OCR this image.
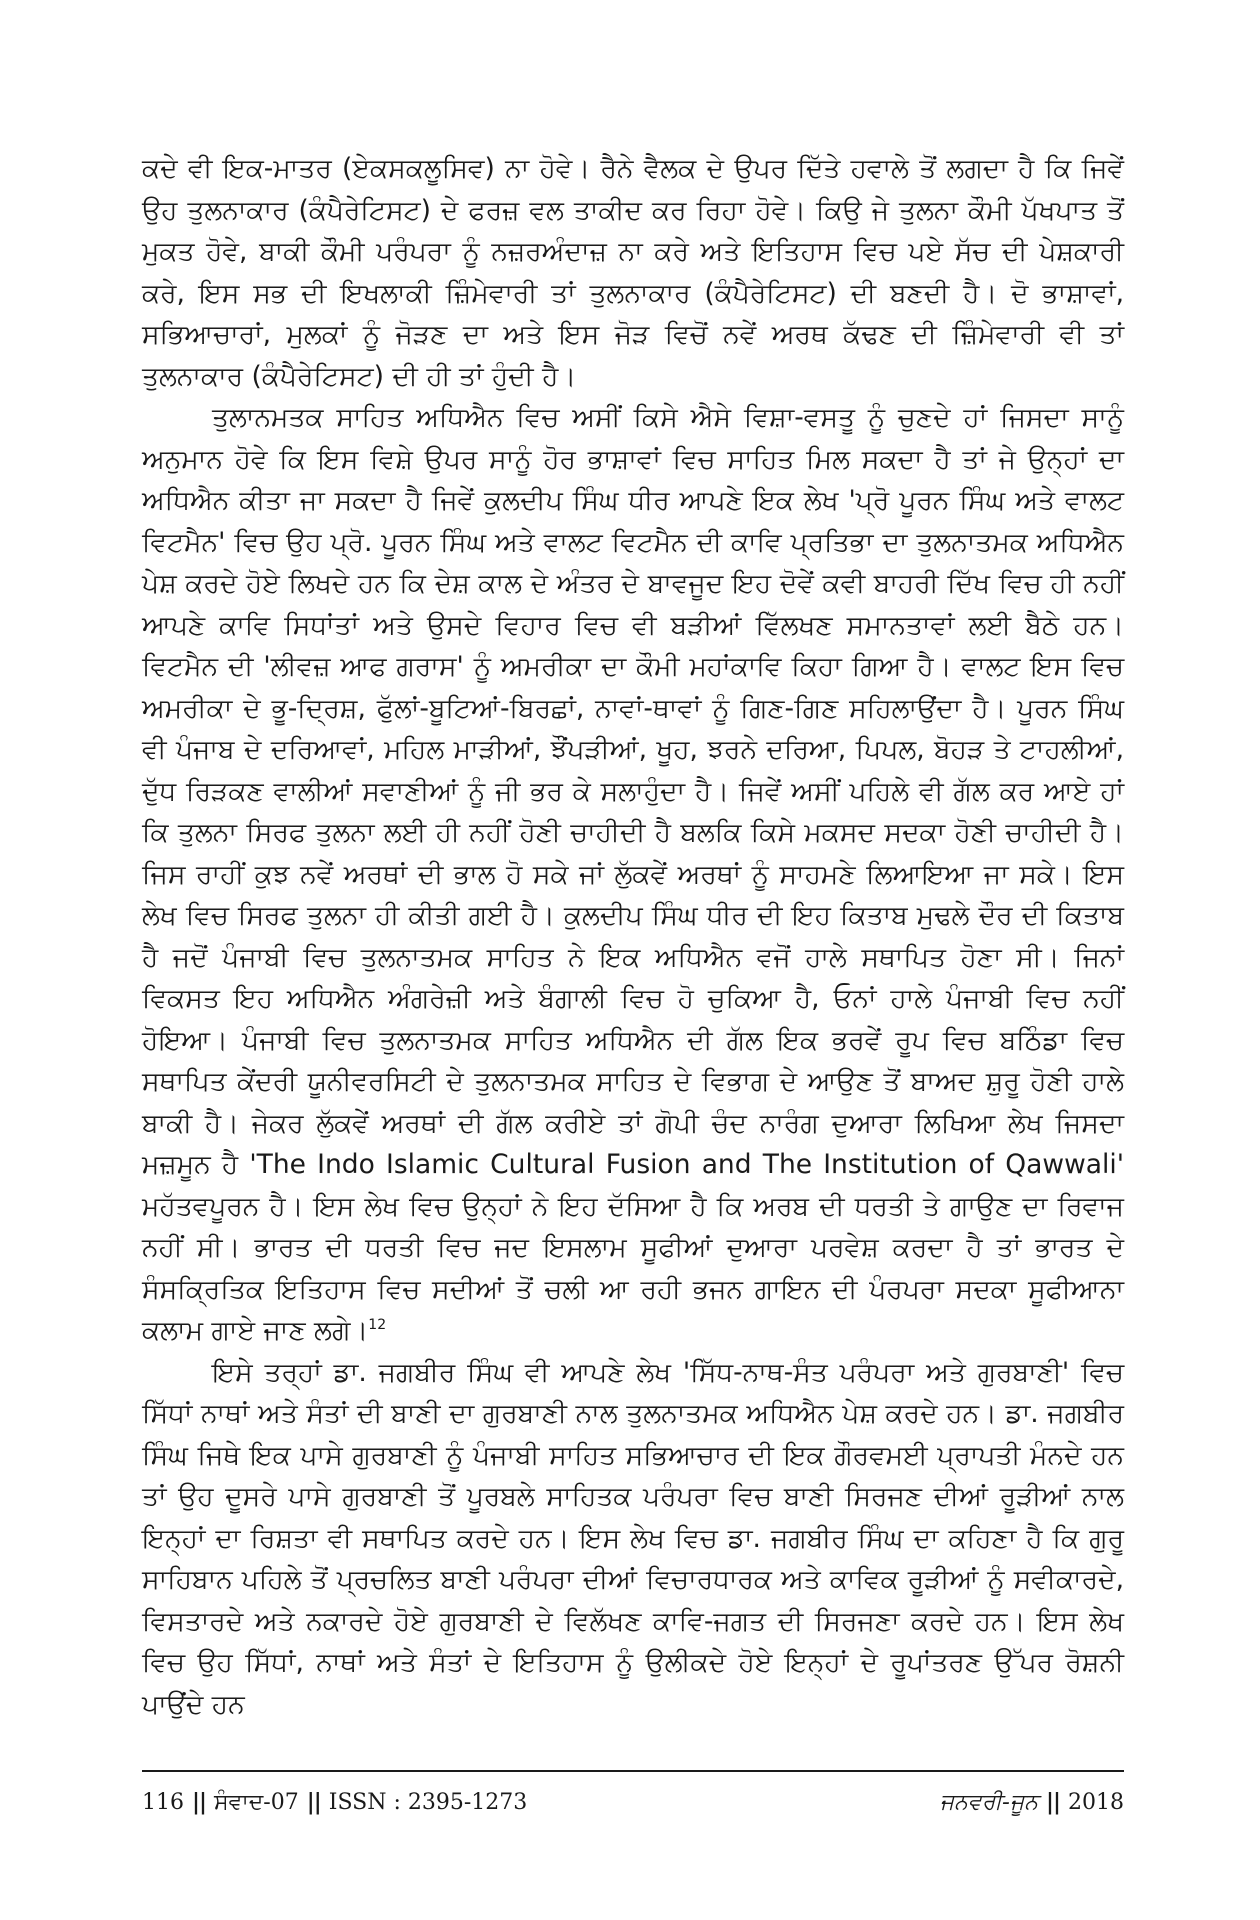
ਕਦੇ ਵੀ ਇਕ-ਮਾਤਰ (ਏਕਸਕਲੂਸਿਵ) ਨਾ ਹੋਵੇ। ਰੈਨੇ ਵੈਲਕ ਦੇ ਉਪਰ ਦਿੱਤੇ ਹਵਾਲੇ ਤੋਂ ਲਗਦਾ ਹੈ ਕਿ ਜਿਵੇਂ ਉਹ ਤੁਲਨਾਕਾਰ (ਕੰਪੈਰੇਟਿਸਟ) ਦੇ ਫਰਜ਼ ਵਲ ਤਾਕੀਦ ਕਰ ਰਿਹਾ ਹੋਵੇ। ਕਿਉ ਜੇ ਤੁਲਨਾ ਕੌਮੀ ਪੱਖਪਾਤ ਤੋਂ ਮੁਕਤ ਹੋਵੇ, ਬਾਕੀ ਕੌਮੀ ਪਰੰਪਰਾ ਨੂੰ ਨਜ਼ਰਅੰਦਾਜ਼ ਨਾ ਕਰੇ ਅਤੇ ਇਤਿਹਾਸ ਵਿਚ ਪਏ ਸੱਚ ਦੀ ਪੇਸ਼ਕਾਰੀ ਕਰੇ, ਇਸ ਸਭ ਦੀ ਇਖਲਾਕੀ ਜ਼ਿੰਮੇਵਾਰੀ ਤਾਂ ਤੁਲਨਾਕਾਰ (ਕੰਪੈਰੇਟਿਸਟ) ਦੀ ਬਣਦੀ ਹੈ। ਦੋ ਭਾਸ਼ਾਵਾਂ, ਸਭਿਆਚਾਰਾਂ, ਮੁਲਕਾਂ ਨੂੰ ਜੋੜਣ ਦਾ ਅਤੇ ਇਸ ਜੋੜ ਵਿਚੋਂ ਨਵੇਂ ਅਰਥ ਕੱਢਣ ਦੀ ਜ਼ਿੰਮੇਵਾਰੀ ਵੀ ਤਾਂ ਤੁਲਨਾਕਾਰ (ਕੰਪੈਰੇਟਿਸਟ) ਦੀ ਹੀ ਤਾਂ ਹੁੰਦੀ ਹੈ।

ਤੁਲਾਨਮਤਕ ਸਾਹਿਤ ਅਧਿਐਨ ਵਿਚ ਅਸੀਂ ਕਿਸੇ ਐਸੇ ਵਿਸ਼ਾ-ਵਸਤੂ ਨੂੰ ਚੁਣਦੇ ਹਾਂ ਜਿਸਦਾ ਸਾਨੂੰ ਅਨੁਮਾਨ ਹੋਵੇ ਕਿ ਇਸ ਵਿਸ਼ੇ ਉਪਰ ਸਾਨੂੰ ਹੋਰ ਭਾਸ਼ਾਵਾਂ ਵਿਚ ਸਾਹਿਤ ਮਿਲ ਸਕਦਾ ਹੈ ਤਾਂ ਜੇ ਉਨ੍ਹਾਂ ਦਾ ਅਧਿਐਨ ਕੀਤਾ ਜਾ ਸਕਦਾ ਹੈ ਜਿਵੇਂ ਕੁਲਦੀਪ ਸਿੰਘ ਧੀਰ ਆਪਣੇ ਇਕ ਲੇਖ 'ਪ੍ਰੋ ਪੂਰਨ ਸਿੰਘ ਅਤੇ ਵਾਲਟ ਵਿਟਮੈਨ' ਵਿਚ ਉਹ ਪ੍ਰੋ. ਪੂਰਨ ਸਿੰਘ ਅਤੇ ਵਾਲਟ ਵਿਟਮੈਨ ਦੀ ਕਾਵਿ ਪ੍ਰਤਿਭਾ ਦਾ ਤੁਲਨਾਤਮਕ ਅਧਿਐਨ ਪੇਸ਼ ਕਰਦੇ ਹੋਏ ਲਿਖਦੇ ਹਨ ਕਿ ਦੇਸ਼ ਕਾਲ ਦੇ ਅੰਤਰ ਦੇ ਬਾਵਜੂਦ ਇਹ ਦੋਵੇਂ ਕਵੀ ਬਾਹਰੀ ਦਿੱਖ ਵਿਚ ਹੀ ਨਹੀਂ ਆਪਣੇ ਕਾਵਿ ਸਿਧਾਂਤਾਂ ਅਤੇ ਉਸਦੇ ਵਿਹਾਰ ਵਿਚ ਵੀ ਬੜੀਆਂ ਵਿੱਲਖਣ ਸਮਾਨਤਾਵਾਂ ਲਈ ਬੈਠੇ ਹਨ। ਵਿਟਮੈਨ ਦੀ 'ਲੀਵਜ਼ ਆਫ ਗਰਾਸ' ਨੂੰ ਅਮਰੀਕਾ ਦਾ ਕੌਮੀ ਮਹਾਂਕਾਵਿ ਕਿਹਾ ਗਿਆ ਹੈ। ਵਾਲਟ ਇਸ ਵਿਚ ਅਮਰੀਕਾ ਦੇ ਭੂ-ਦ੍ਰਿਸ਼, ਫੁੱਲਾਂ-ਬੂਟਿਆਂ-ਬਿਰਛਾਂ, ਨਾਵਾਂ-ਥਾਵਾਂ ਨੂੰ ਗਿਣ-ਗਿਣ ਸਹਿਲਾਉਂਦਾ ਹੈ। ਪੂਰਨ ਸਿੰਘ ਵੀ ਪੰਜਾਬ ਦੇ ਦਰਿਆਵਾਂ, ਮਹਿਲ ਮਾੜੀਆਂ, ਝੌਂਪੜੀਆਂ, ਖੂਹ, ਝਰਨੇ ਦਰਿਆ, ਪਿਪਲ, ਬੋਹੜ ਤੇ ਟਾਹਲੀਆਂ, ਦੁੱਧ ਰਿੜਕਣ ਵਾਲੀਆਂ ਸਵਾਣੀਆਂ ਨੂੰ ਜੀ ਭਰ ਕੇ ਸਲਾਹੁੰਦਾ ਹੈ। ਜਿਵੇਂ ਅਸੀਂ ਪਹਿਲੇ ਵੀ ਗੱਲ ਕਰ ਆਏ ਹਾਂ ਕਿ ਤੁਲਨਾ ਸਿਰਫ ਤੁਲਨਾ ਲਈ ਹੀ ਨਹੀਂ ਹੋਣੀ ਚਾਹੀਦੀ ਹੈ ਬਲਕਿ ਕਿਸੇ ਮਕਸਦ ਸਦਕਾ ਹੋਣੀ ਚਾਹੀਦੀ ਹੈ। ਜਿਸ ਰਾਹੀਂ ਕੁਝ ਨਵੇਂ ਅਰਥਾਂ ਦੀ ਭਾਲ ਹੋ ਸਕੇ ਜਾਂ ਲੁੱਕਵੇਂ ਅਰਥਾਂ ਨੂੰ ਸਾਹਮਣੇ ਲਿਆਇਆ ਜਾ ਸਕੇ। ਇਸ ਲੇਖ ਵਿਚ ਸਿਰਫ ਤੁਲਨਾ ਹੀ ਕੀਤੀ ਗਈ ਹੈ। ਕੁਲਦੀਪ ਸਿੰਘ ਧੀਰ ਦੀ ਇਹ ਕਿਤਾਬ ਮੁਢਲੇ ਦੌਰ ਦੀ ਕਿਤਾਬ ਹੈ ਜਦੋਂ ਪੰਜਾਬੀ ਵਿਚ ਤੁਲਨਾਤਮਕ ਸਾਹਿਤ ਨੇ ਇਕ ਅਧਿਐਨ ਵਜੋਂ ਹਾਲੇ ਸਥਾਪਿਤ ਹੋਣਾ ਸੀ। ਜਿਨਾਂ ਵਿਕਸਤ ਇਹ ਅਧਿਐਨ ਅੰਗਰੇਜ਼ੀ ਅਤੇ ਬੰਗਾਲੀ ਵਿਚ ਹੋ ਚੁਕਿਆ ਹੈ, ਓਨਾਂ ਹਾਲੇ ਪੰਜਾਬੀ ਵਿਚ ਨਹੀਂ ਹੋਇਆ। ਪੰਜਾਬੀ ਵਿਚ ਤੁਲਨਾਤਮਕ ਸਾਹਿਤ ਅਧਿਐਨ ਦੀ ਗੱਲ ਇਕ ਭਰਵੇਂ ਰੂਪ ਵਿਚ ਬਠਿੰਡਾ ਵਿਚ ਸਥਾਪਿਤ ਕੇਂਦਰੀ ਯੂਨੀਵਰਸਿਟੀ ਦੇ ਤੁਲਨਾਤਮਕ ਸਾਹਿਤ ਦੇ ਵਿਭਾਗ ਦੇ ਆਉਣ ਤੋਂ ਬਾਅਦ ਸ਼ੁਰੂ ਹੋਣੀ ਹਾਲੇ ਬਾਕੀ ਹੈ। ਜੇਕਰ ਲੁੱਕਵੇਂ ਅਰਥਾਂ ਦੀ ਗੱਲ ਕਰੀਏ ਤਾਂ ਗੋਪੀ ਚੰਦ ਨਾਰੰਗ ਦੁਆਰਾ ਲਿਖਿਆ ਲੇਖ ਜਿਸਦਾ ਮਜ਼ਮੂਨ ਹੈ 'The Indo Islamic Cultural Fusion and The Institution of Qawwali' ਮਹੱਤਵਪੂਰਨ ਹੈ। ਇਸ ਲੇਖ ਵਿਚ ਉਨ੍ਹਾਂ ਨੇ ਇਹ ਦੱਸਿਆ ਹੈ ਕਿ ਅਰਬ ਦੀ ਧਰਤੀ ਤੇ ਗਾਉਣ ਦਾ ਰਿਵਾਜ ਨਹੀਂ ਸੀ। ਭਾਰਤ ਦੀ ਧਰਤੀ ਵਿਚ ਜਦ ਇਸਲਾਮ ਸੂਫੀਆਂ ਦੁਆਰਾ ਪਰਵੇਸ਼ ਕਰਦਾ ਹੈ ਤਾਂ ਭਾਰਤ ਦੇ ਸੰਸਕ੍ਰਿਤਿਕ ਇਤਿਹਾਸ ਵਿਚ ਸਦੀਆਂ ਤੋਂ ਚਲੀ ਆ ਰਹੀ ਭਜਨ ਗਾਇਨ ਦੀ ਪੰਰਪਰਾ ਸਦਕਾ ਸੂਫੀਆਨਾ ਕਲਾਮ ਗਾਏ ਜਾਣ ਲਗੇ।$^{12}$

ਇਸੇ ਤਰ੍ਹਾਂ ਡਾ. ਜਗਬੀਰ ਸਿੰਘ ਵੀ ਆਪਣੇ ਲੇਖ 'ਸਿੱਧ-ਨਾਥ-ਸੰਤ ਪਰੰਪਰਾ ਅਤੇ ਗੁਰਬਾਣੀ' ਵਿਚ ਸਿੱਧਾਂ ਨਾਥਾਂ ਅਤੇ ਸੰਤਾਂ ਦੀ ਬਾਣੀ ਦਾ ਗੁਰਬਾਣੀ ਨਾਲ ਤੁਲਨਾਤਮਕ ਅਧਿਐਨ ਪੇਸ਼ ਕਰਦੇ ਹਨ। ਡਾ. ਜਗਬੀਰ ਸਿੰਘ ਜਿਥੇ ਇਕ ਪਾਸੇ ਗੁਰਬਾਣੀ ਨੂੰ ਪੰਜਾਬੀ ਸਾਹਿਤ ਸਭਿਆਚਾਰ ਦੀ ਇਕ ਗੌਰਵਮਈ ਪ੍ਰਾਪਤੀ ਮੰਨਦੇ ਹਨ ਤਾਂ ਉਹ ਦੂਸਰੇ ਪਾਸੇ ਗੁਰਬਾਣੀ ਤੋਂ ਪੂਰਬਲੇ ਸਾਹਿਤਕ ਪਰੰਪਰਾ ਵਿਚ ਬਾਣੀ ਸਿਰਜਣ ਦੀਆਂ ਰੂੜੀਆਂ ਨਾਲ ਇਨ੍ਹਾਂ ਦਾ ਰਿਸ਼ਤਾ ਵੀ ਸਥਾਪਿਤ ਕਰਦੇ ਹਨ। ਇਸ ਲੇਖ ਵਿਚ ਡਾ. ਜਗਬੀਰ ਸਿੰਘ ਦਾ ਕਹਿਣਾ ਹੈ ਕਿ ਗੁਰੂ ਸਾਹਿਬਾਨ ਪਹਿਲੇ ਤੋਂ ਪ੍ਰਚਲਿਤ ਬਾਣੀ ਪਰੰਪਰਾ ਦੀਆਂ ਵਿਚਾਰਧਾਰਕ ਅਤੇ ਕਾਵਿਕ ਰੂੜੀਆਂ ਨੂੰ ਸਵੀਕਾਰਦੇ, ਵਿਸਤਾਰਦੇ ਅਤੇ ਨਕਾਰਦੇ ਹੋਏ ਗੁਰਬਾਣੀ ਦੇ ਵਿਲੱਖਣ ਕਾਵਿ-ਜਗਤ ਦੀ ਸਿਰਜਣਾ ਕਰਦੇ ਹਨ। ਇਸ ਲੇਖ ਵਿਚ ਉਹ ਸਿੱਧਾਂ, ਨਾਥਾਂ ਅਤੇ ਸੰਤਾਂ ਦੇ ਇਤਿਹਾਸ ਨੂੰ ਉਲੀਕਦੇ ਹੋਏ ਇਨ੍ਹਾਂ ਦੇ ਰੂਪਾਂਤਰਣ ਉੱਪਰ ਰੋਸ਼ਨੀ ਪਾਉਂਦੇ ਹਨ

116 || ਸੰਵਾਦ-07 || ISSN : 2395-1273	ਜਨਵਰੀ-ਜੂਨ || 2018
